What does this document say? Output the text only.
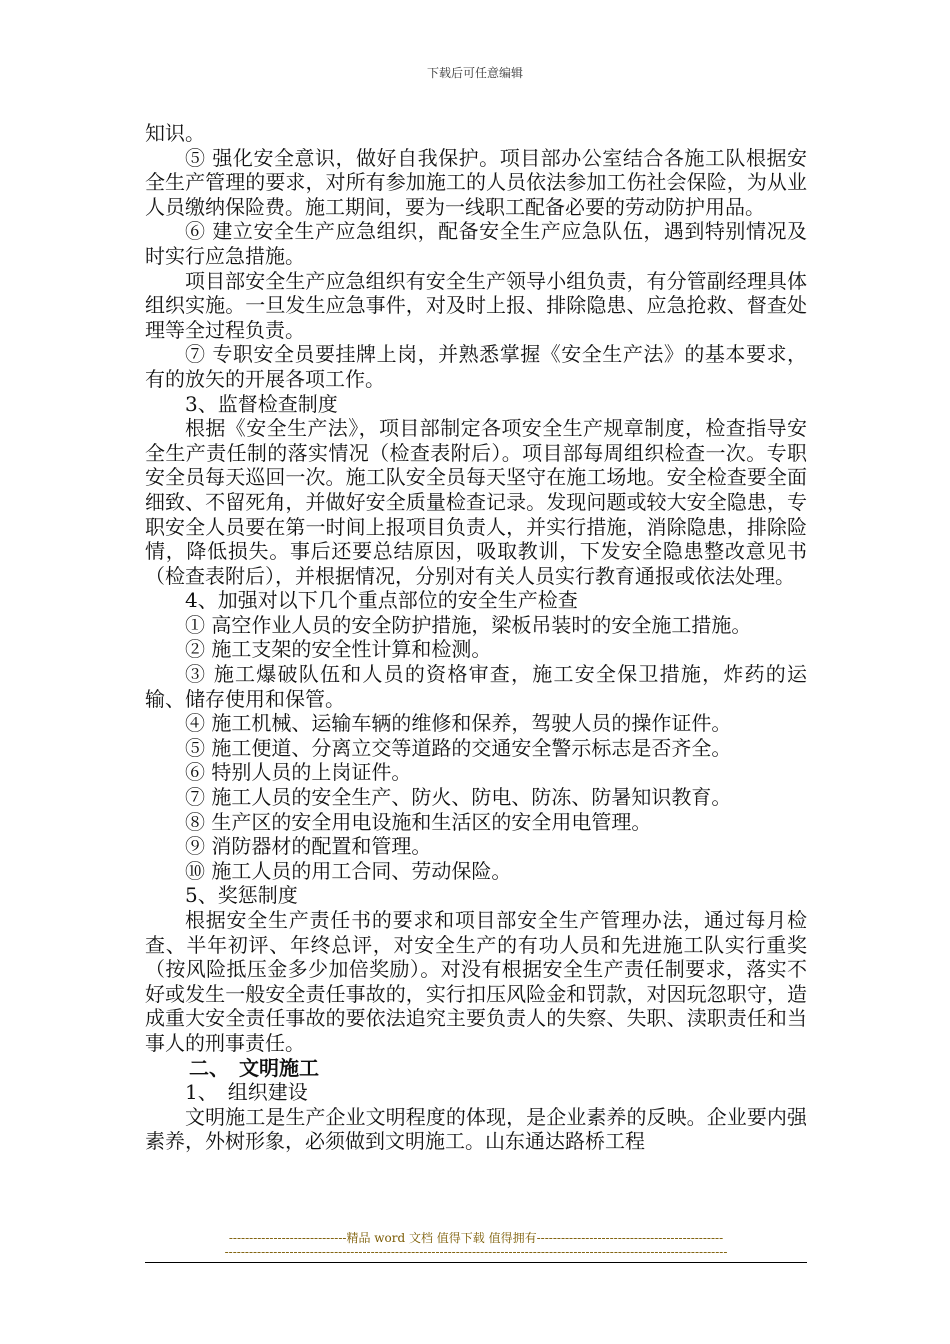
下载后可任意编辑

知识。

⑤ 强化安全意识，做好自我保护。项目部办公室结合各施工队根据安全生产管理的要求，对所有参加施工的人员依法参加工伤社会保险，为从业人员缴纳保险费。施工期间，要为一线职工配备必要的劳动防护用品。

⑥ 建立安全生产应急组织，配备安全生产应急队伍，遇到特别情况及时实行应急措施。

项目部安全生产应急组织有安全生产领导小组负责，有分管副经理具体组织实施。一旦发生应急事件，对及时上报、排除隐患、应急抢救、督查处理等全过程负责。

⑦ 专职安全员要挂牌上岗，并熟悉掌握《安全生产法》的基本要求，有的放矢的开展各项工作。

3、监督检查制度

根据《安全生产法》，项目部制定各项安全生产规章制度，检查指导安全生产责任制的落实情况（检查表附后）。项目部每周组织检查一次。专职安全员每天巡回一次。施工队安全员每天坚守在施工场地。安全检查要全面细致、不留死角，并做好安全质量检查记录。发现问题或较大安全隐患，专职安全人员要在第一时间上报项目负责人，并实行措施，消除隐患，排除险情，降低损失。事后还要总结原因，吸取教训，下发安全隐患整改意见书（检查表附后），并根据情况，分别对有关人员实行教育通报或依法处理。

4、加强对以下几个重点部位的安全生产检查

① 高空作业人员的安全防护措施，梁板吊装时的安全施工措施。

② 施工支架的安全性计算和检测。

③ 施工爆破队伍和人员的资格审查，施工安全保卫措施，炸药的运输、储存使用和保管。

④ 施工机械、运输车辆的维修和保养，驾驶人员的操作证件。

⑤ 施工便道、分离立交等道路的交通安全警示标志是否齐全。

⑥ 特别人员的上岗证件。

⑦ 施工人员的安全生产、防火、防电、防冻、防暑知识教育。

⑧ 生产区的安全用电设施和生活区的安全用电管理。

⑨ 消防器材的配置和管理。

⑩ 施工人员的用工合同、劳动保险。

5、奖惩制度

根据安全生产责任书的要求和项目部安全生产管理办法，通过每月检查、半年初评、年终总评，对安全生产的有功人员和先进施工队实行重奖（按风险抵压金多少加倍奖励）。对没有根据安全生产责任制要求，落实不好或发生一般安全责任事故的，实行扣压风险金和罚款，对因玩忽职守，造成重大安全责任事故的要依法追究主要负责人的失察、失职、渎职责任和当事人的刑事责任。

二、　文明施工

1、　组织建设

文明施工是生产企业文明程度的体现，是企业素养的反映。企业要内强素养，外树形象，必须做到文明施工。山东通达路桥工程

-----------------------------精品 word 文档 值得下载 值得拥有----------------------------------------------
----------------------------------------------------------------------------------------------------------------------------
